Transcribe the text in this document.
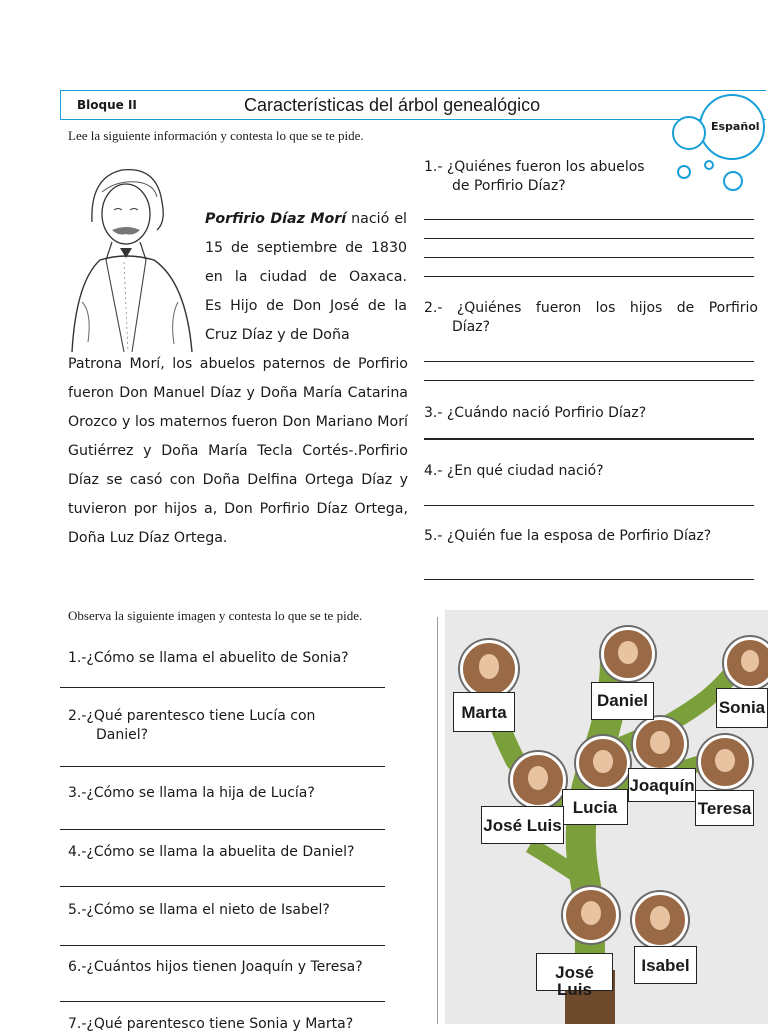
Bloque II	Características del árbol genealógico
Español
Lee la siguiente información y contesta lo que se te pide.
Porfirio Díaz Morí nació el
15 de septiembre de 1830
en la ciudad de Oaxaca.
Es Hijo de Don José de la
Cruz Díaz y de Doña
Patrona Morí, los abuelos paternos de Porfirio fueron Don Manuel Díaz y Doña María Catarina Orozco y los maternos fueron Don Mariano Morí Gutiérrez y Doña María Tecla Cortés-.Porfirio Díaz se casó con Doña Delfina Ortega Díaz y tuvieron por hijos a, Don Porfirio Díaz Ortega, Doña Luz Díaz Ortega.
1.- ¿Quiénes fueron los abuelos
de Porfirio Díaz?
2.- ¿Quiénes fueron los hijos de Porfirio
Díaz?
3.- ¿Cuándo nació Porfirio Díaz?
4.- ¿En qué ciudad nació?
5.- ¿Quién fue la esposa de Porfirio Díaz?
Observa la siguiente imagen y contesta lo que se te pide.
1.-¿Cómo se llama el abuelito de Sonia?
2.-¿Qué parentesco tiene Lucía con
Daniel?
3.-¿Cómo se llama la hija de Lucía?
4.-¿Cómo se llama la abuelita de Daniel?
5.-¿Cómo se llama el nieto de Isabel?
6.-¿Cuántos hijos tienen Joaquín y Teresa?
7.-¿Qué parentesco tiene Sonia y Marta?
Marta
Daniel	Sonia
Joaquín
Lucia	Teresa
José Luis
José Luis
Isabel
